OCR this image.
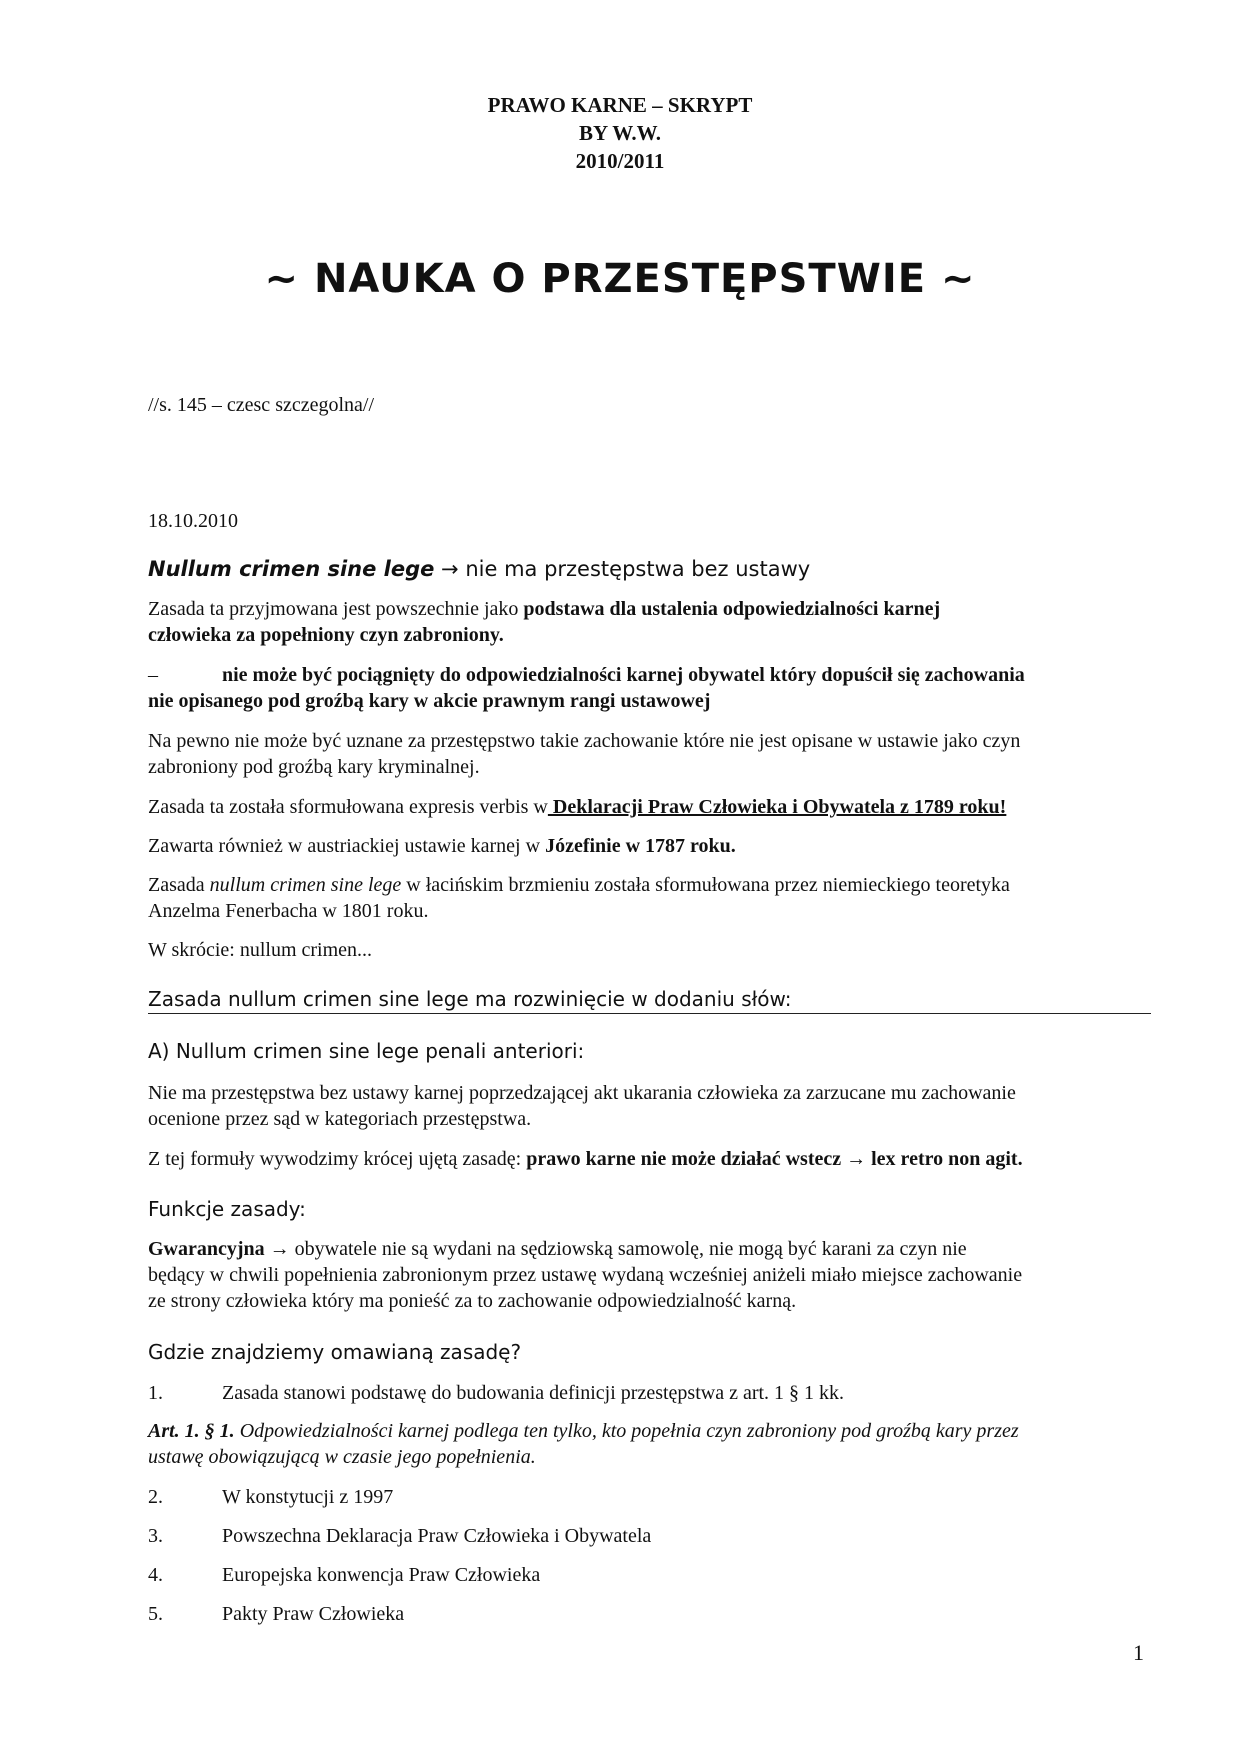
PRAWO KARNE – SKRYPT
BY W.W.
2010/2011
~ NAUKA O PRZESTĘPSTWIE ~
//s. 145 – czesc szczegolna//
18.10.2010
Nullum crimen sine lege → nie ma przestępstwa bez ustawy
Zasada ta przyjmowana jest powszechnie jako podstawa dla ustalenia odpowiedzialności karnej
człowieka za popełniony czyn zabroniony.
–	nie może być pociągnięty do odpowiedzialności karnej obywatel który dopuścił się zachowania

nie opisanego pod groźbą kary w akcie prawnym rangi ustawowej
Na pewno nie może być uznane za przestępstwo takie zachowanie które nie jest opisane w ustawie jako czyn
zabroniony pod groźbą kary kryminalnej.
Zasada ta została sformułowana expresis verbis w Deklaracji Praw Człowieka i Obywatela z 1789 roku!
Zawarta również w austriackiej ustawie karnej w Józefinie w 1787 roku.
Zasada nullum crimen sine lege w łacińskim brzmieniu została sformułowana przez niemieckiego teoretyka
Anzelma Fenerbacha w 1801 roku.
W skrócie: nullum crimen...
Zasada nullum crimen sine lege ma rozwinięcie w dodaniu słów:
A) Nullum crimen sine lege penali anteriori:
Nie ma przestępstwa bez ustawy karnej poprzedzającej akt ukarania człowieka za zarzucane mu zachowanie
ocenione przez sąd w kategoriach przestępstwa.
Z tej formuły wywodzimy krócej ujętą zasadę: prawo karne nie może działać wstecz → lex retro non agit.
Funkcje zasady:
Gwarancyjna → obywatele nie są wydani na sędziowską samowolę, nie mogą być karani za czyn nie
będący w chwili popełnienia zabronionym przez ustawę wydaną wcześniej aniżeli miało miejsce zachowanie
ze strony człowieka który ma ponieść za to zachowanie odpowiedzialność karną.
Gdzie znajdziemy omawianą zasadę?
1.	Zasada stanowi podstawę do budowania definicji przestępstwa z art. 1 § 1 kk.
Art. 1. § 1. Odpowiedzialności karnej podlega ten tylko, kto popełnia czyn zabroniony pod groźbą kary przez
ustawę obowiązującą w czasie jego popełnienia.
2.	W konstytucji z 1997
3.	Powszechna Deklaracja Praw Człowieka i Obywatela
4.	Europejska konwencja Praw Człowieka
5.	Pakty Praw Człowieka
1
